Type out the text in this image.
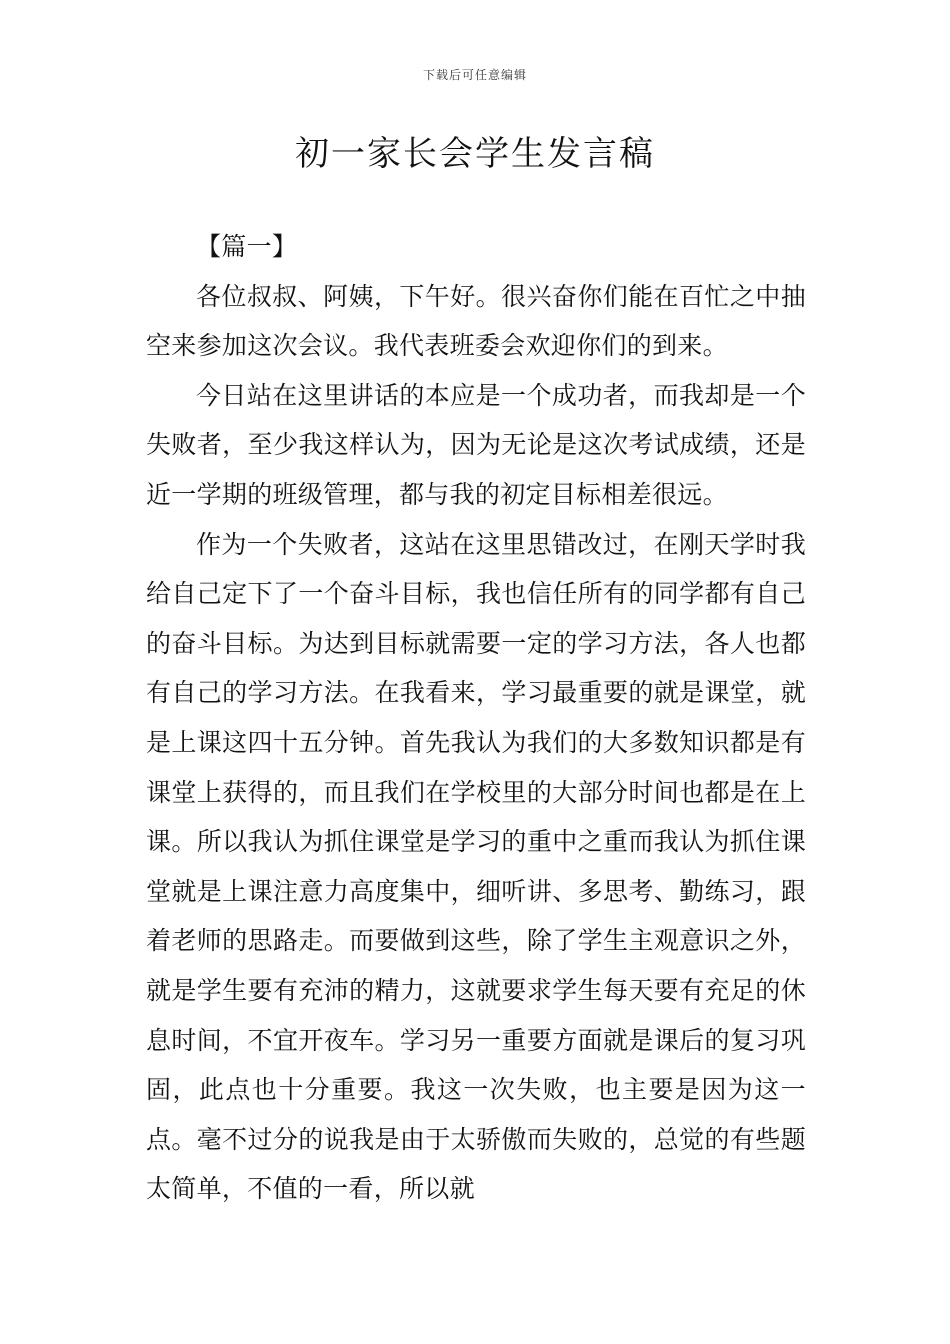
下载后可任意编辑
初一家长会学生发言稿

【篇一】

各位叔叔、阿姨，下午好。很兴奋你们能在百忙之中抽空来参加这次会议。我代表班委会欢迎你们的到来。

今日站在这里讲话的本应是一个成功者，而我却是一个失败者，至少我这样认为，因为无论是这次考试成绩，还是近一学期的班级管理，都与我的初定目标相差很远。

作为一个失败者，这站在这里思错改过，在刚天学时我给自己定下了一个奋斗目标，我也信任所有的同学都有自己的奋斗目标。为达到目标就需要一定的学习方法，各人也都有自己的学习方法。在我看来，学习最重要的就是课堂，就是上课这四十五分钟。首先我认为我们的大多数知识都是有课堂上获得的，而且我们在学校里的大部分时间也都是在上课。所以我认为抓住课堂是学习的重中之重而我认为抓住课堂就是上课注意力高度集中，细听讲、多思考、勤练习，跟着老师的思路走。而要做到这些，除了学生主观意识之外，就是学生要有充沛的精力，这就要求学生每天要有充足的休息时间，不宜开夜车。学习另一重要方面就是课后的复习巩固，此点也十分重要。我这一次失败，也主要是因为这一点。毫不过分的说我是由于太骄傲而失败的，总觉的有些题太简单，不值的一看，所以就
